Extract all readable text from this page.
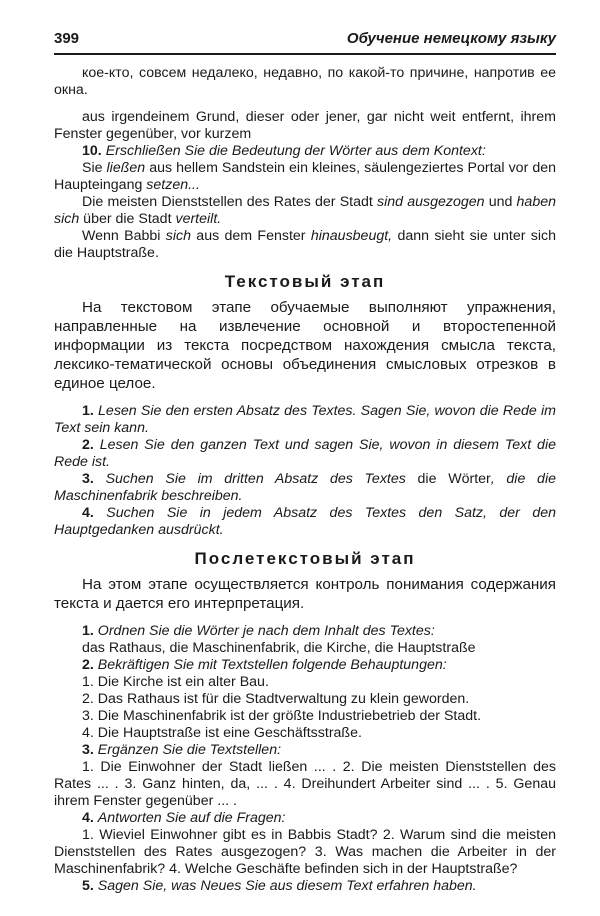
399	Обучение немецкому языку

кое-кто, совсем недалеко, недавно, по какой-то причине, напротив ее окна.

aus irgendeinem Grund, dieser oder jener, gar nicht weit entfernt, ihrem Fenster gegenüber, vor kurzem

10. Erschließen Sie die Bedeutung der Wörter aus dem Kontext:

Sie ließen aus hellem Sandstein ein kleines, säulengeziertes Portal vor den Haupteingang setzen...

Die meisten Dienststellen des Rates der Stadt sind ausgezogen und haben sich über die Stadt verteilt.

Wenn Babbi sich aus dem Fenster hinausbeugt, dann sieht sie unter sich die Hauptstraße.

Текстовый этап

На текстовом этапе обучаемые выполняют упражнения, направленные на извлечение основной и второстепенной информации из текста посредством нахождения смысла текста, лексико-тематической основы объединения смысловых отрезков в единое целое.

1. Lesen Sie den ersten Absatz des Textes. Sagen Sie, wovon die Rede im Text sein kann.

2. Lesen Sie den ganzen Text und sagen Sie, wovon in diesem Text die Rede ist.

3. Suchen Sie im dritten Absatz des Textes die Wörter, die die Maschinenfabrik beschreiben.

4. Suchen Sie in jedem Absatz des Textes den Satz, der den Hauptgedanken ausdrückt.

Послетекстовый этап

На этом этапе осуществляется контроль понимания содержания текста и дается его интерпретация.

1. Ordnen Sie die Wörter je nach dem Inhalt des Textes:

das Rathaus, die Maschinenfabrik, die Kirche, die Hauptstraße

2. Bekräftigen Sie mit Textstellen folgende Behauptungen:

1. Die Kirche ist ein alter Bau.

2. Das Rathaus ist für die Stadtverwaltung zu klein geworden.

3. Die Maschinenfabrik ist der größte Industriebetrieb der Stadt.

4. Die Hauptstraße ist eine Geschäftsstraße.

3. Ergänzen Sie die Textstellen:

1. Die Einwohner der Stadt ließen ... . 2. Die meisten Dienststellen des Rates ... . 3. Ganz hinten, da, ... . 4. Dreihundert Arbeiter sind ... . 5. Genau ihrem Fenster gegenüber ... .

4. Antworten Sie auf die Fragen:

1. Wieviel Einwohner gibt es in Babbis Stadt? 2. Warum sind die meisten Dienststellen des Rates ausgezogen? 3. Was machen die Arbeiter in der Maschinenfabrik? 4. Welche Geschäfte befinden sich in der Hauptstraße?

5. Sagen Sie, was Neues Sie aus diesem Text erfahren haben.
